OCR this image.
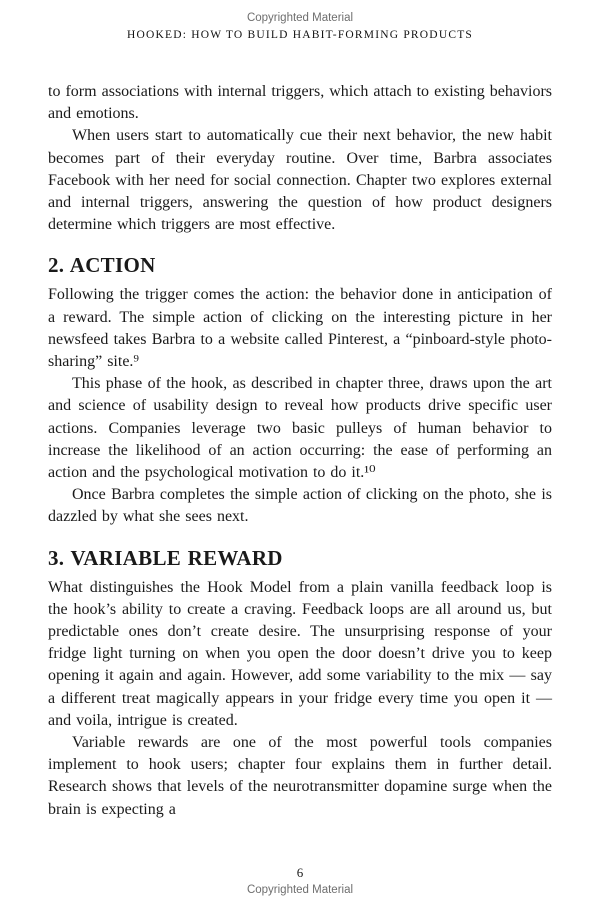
Copyrighted Material
HOOKED: HOW TO BUILD HABIT-FORMING PRODUCTS

to form associations with internal triggers, which attach to existing behaviors and emotions.

When users start to automatically cue their next behavior, the new habit becomes part of their everyday routine. Over time, Barbra associates Facebook with her need for social connection. Chapter two explores external and internal triggers, answering the question of how product designers determine which triggers are most effective.

2. ACTION

Following the trigger comes the action: the behavior done in anticipation of a reward. The simple action of clicking on the interesting picture in her newsfeed takes Barbra to a website called Pinterest, a “pinboard-style photo-sharing” site.⁹

This phase of the hook, as described in chapter three, draws upon the art and science of usability design to reveal how products drive specific user actions. Companies leverage two basic pulleys of human behavior to increase the likelihood of an action occurring: the ease of performing an action and the psychological motivation to do it.¹⁰

Once Barbra completes the simple action of clicking on the photo, she is dazzled by what she sees next.

3. VARIABLE REWARD

What distinguishes the Hook Model from a plain vanilla feedback loop is the hook’s ability to create a craving. Feedback loops are all around us, but predictable ones don’t create desire. The unsurprising response of your fridge light turning on when you open the door doesn’t drive you to keep opening it again and again. However, add some variability to the mix — say a different treat magically appears in your fridge every time you open it — and voila, intrigue is created.

Variable rewards are one of the most powerful tools companies implement to hook users; chapter four explains them in further detail. Research shows that levels of the neurotransmitter dopamine surge when the brain is expecting a

6
Copyrighted Material
